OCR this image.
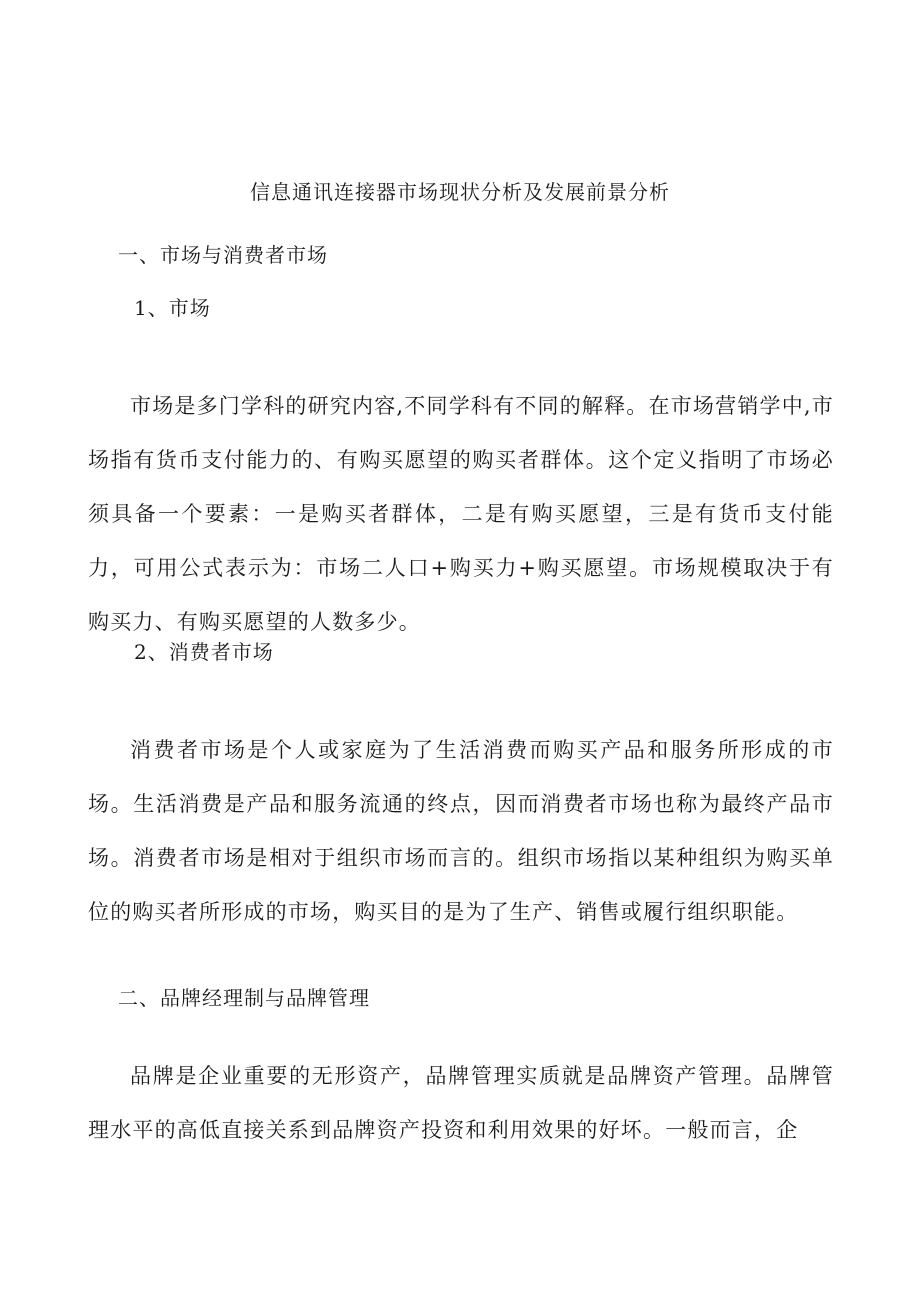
信息通讯连接器市场现状分析及发展前景分析
一、市场与消费者市场
1、市场

市场是多门学科的研究内容,不同学科有不同的解释。在市场营销学中,市场指有货币支付能力的、有购买愿望的购买者群体。这个定义指明了市场必须具备一个要素：一是购买者群体，二是有购买愿望，三是有货币支付能力，可用公式表示为：市场二人口+购买力+购买愿望。市场规模取决于有购买力、有购买愿望的人数多少。

2、消费者市场

消费者市场是个人或家庭为了生活消费而购买产品和服务所形成的市场。生活消费是产品和服务流通的终点，因而消费者市场也称为最终产品市场。消费者市场是相对于组织市场而言的。组织市场指以某种组织为购买单位的购买者所形成的市场，购买目的是为了生产、销售或履行组织职能。

二、品牌经理制与品牌管理

品牌是企业重要的无形资产，品牌管理实质就是品牌资产管理。品牌管理水平的高低直接关系到品牌资产投资和利用效果的好坏。一般而言，企
